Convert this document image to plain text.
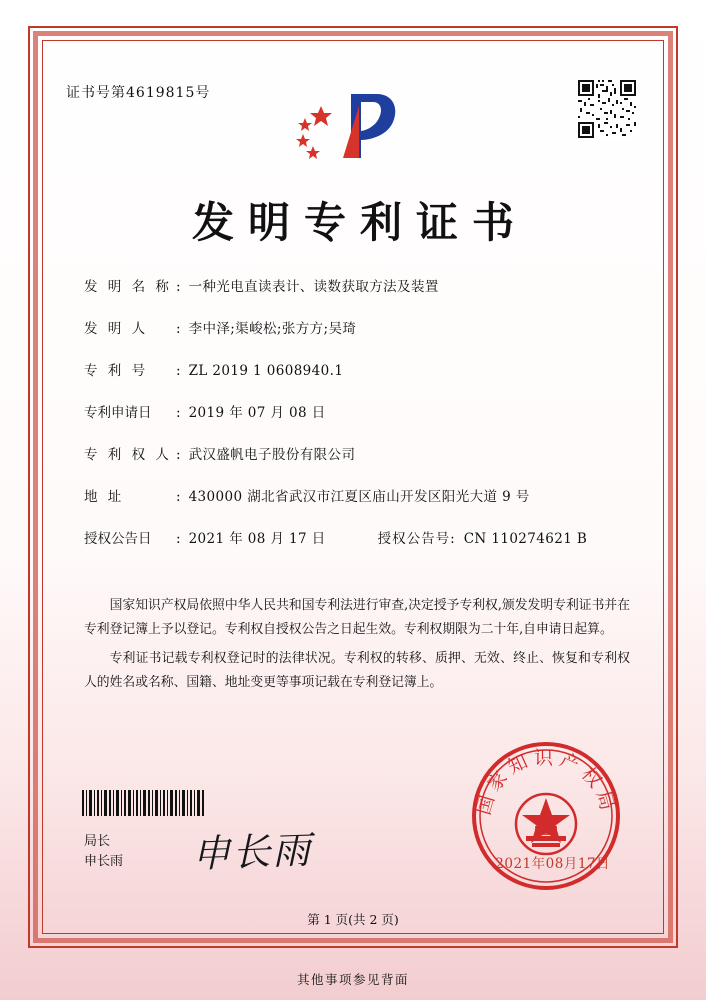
证书号第4619815号
发明专利证书
发 明 名 称 : 一种光电直读表计、读数获取方法及装置
发 明 人	: 李中泽;渠峻松;张方方;吴琦
专 利 号	: ZL 2019 1 0608940.1
专利申请日	: 2019 年 07 月 08 日
专 利 权 人 : 武汉盛帆电子股份有限公司
地 址	: 430000 湖北省武汉市江夏区庙山开发区阳光大道 9 号
授权公告日	: 2021 年 08 月 17 日	授权公告号: CN 110274621 B

国家知识产权局依照中华人民共和国专利法进行审查,决定授予专利权,颁发发明专利证书并在专利登记簿上予以登记。专利权自授权公告之日起生效。专利权期限为二十年,自申请日起算。

专利证书记载专利权登记时的法律状况。专利权的转移、质押、无效、终止、恢复和专利权人的姓名或名称、国籍、地址变更等事项记载在专利登记簿上。

局长
申长雨 申长雨
国家知识产权局
2021年08月17日
第 1 页(共 2 页)
其他事项参见背面
